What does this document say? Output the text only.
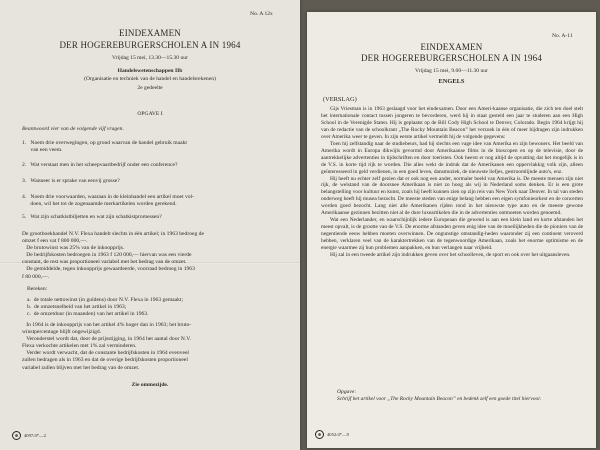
No. A 12x
EINDEXAMEN
DER HOGEREBURGERSCHOLEN A IN 1964
Vrijdag 15 mei, 13.30—15.30 uur
Handelswetenschappen IIb
(Organisatie en techniek van de handel en handelsrekenen)
2e gedeelte
OPGAVE I
Beantwoord vier van de volgende vijf vragen.
1. Noem drie overwegingen, op grond waarvan de handel gebruik maakt
van een veem.
2. Wat verstaat men in het scheepvaartbedrijf onder een conference?
3. Wanneer is er sprake van eenvij grosse?
4. Noem drie voorwaarden, waaraan in de kleinhandel een artikel moet vol-
doen, wil het tot de zogenaamde merkartikelen worden gerekend.
5. Wat zijn schatkistbiljetten en wat zijn schatkistpromessen?
De grootboekhandel N.V. Flexa handelt slechts in één artikel; in 1963 bedroeg de
omzet f een vat f 800 000,—.
De brutowinst was 25% van de inkoopprijs.
De bedrijfskosten bedroegen in 1963 f 120 000,— hiervan was een vierde
constant, de rest was proportioneel variabel met het bedrag van de omzet.
De gemiddelde, tegen inkoopprijs gewaardeerde, voorraad bedroeg in 1963
f 80 000,—.
Bereken:
a. de totale nettowinst (in guldens) door N.V. Flexa in 1963 gemaakt;
b. de omzetsnelheid van het artikel in 1963;
c. de omzetduur (in maanden) van het artikel in 1963.
In 1964 is de inkoopprijs van het artikel 4% hoger dan in 1963; het bruto-
winstpercentage blijft ongewijzigd.
Veronderstel wordt dat, door de prijsstijging, in 1964 het aantal door N.V.
Flexa verkochte artikelen met 1% zal verminderen.
Verder wordt verwacht, dat de constante bedrijfskosten in 1964 evenveel
zullen bedragen als in 1963 en dat de overige bedrijfskosten proportioneel
variabel zullen blijven met het bedrag van de omzet.
Zie ommezijde.
✽	4097/4*—2
No. A-11
EINDEXAMEN
DER HOGEREBURGERSCHOLEN A IN 1964
Vrijdag 15 mei, 9.00—11.30 uur
ENGELS
(VERSLAG)

Gijs Vriesman is in 1963 geslaagd voor het eindexamen. Door een Ameri-kaanse organisatie, die zich ten doel stelt het internationale contact tussen jongeren te bevorderen, werd hij in staat gesteld een jaar te studeren aan een High School in de Verenigde Staten. Hij is geplaatst op de Bill Cody High School te Denver, Colorado. Begin 1964 krijgt hij van de redactie van de schoolkrant „The Rocky Mountain Beacon” het verzoek in één of meer bijdragen zijn indrukken over Amerika weer te geven. In zijn eerste artikel vermeldt hij de volgende gegevens:

Toen hij zelfstandig naar de studiebeurs, had hij slechts een vage idee van Amerika en zijn bewoners. Het beeld van Amerika wordt in Europa dikwijls gevormd door Amerikaanse films in de bioscopen en op de televisie, door de aantrekkelijke advertenties in tijdschriften en door toeristen. Ook heerst er nog altijd de opvatting dat het mogelijk is in de V.S. in korte tijd rijk te worden. Die alles wekt de indruk dat de Amerikanen een oppervlakkig volk zijn, alleen geïnteresseerd in geld verdienen, in een goed leven, dansmuziek, de nieuwste liefjes, gestroomlijnde auto's, enz.

Hij heeft nu echter zelf gezien dat er ook nog een ander, normaler beeld van Amerika is. De meeste mensen zijn niet rijk, de welstand van de doorsnee Amerikaan is niet zo hoog als wij in Nederland soms denken. Er is een grote belangstelling voor kultuur en kunst, zoals hij heeft kunnen zien op zijn reis van New York naar Denver. In tal van steden onderweg heeft hij musea bezocht. De meeste steden van enige belang hebben een eigen symfonieorkest en de concerten worden goed bezocht. Lang niet alle Amerikanen rijden rond in het nieuwste type auto en de meeste gewone Amerikaanse gezinnen bezitten niet al de dure luxeartikelen die in de advertenties ontmoeten worden genoemd.

Wat een Nederlander, en waarschijnlijk iedere Europeaan die gewend is aan een klein land en korte afstanden het meest opvalt, is de grootte van de V.S. De enorme afstanden geven enig idee van de moeilijkheden die de pioniers van de negentiende eeuw hebben moeten overwinnen. De ongunstige omstandig-heden waaronder zij een continent veroverd hebben, verklaren veel van de karaktertrekken van de tegenwoordige Amerikaan, zoals het enorme optimisme en de energie waarmee zij hun problemen aanpakken, en hun verlangen naar vrijheid.

Hij zal in een tweede artikel zijn indrukken geven over het schoolleven, de sport en ook over het uitgaansleven.

Opgave:
Schrijf het artikel voor „The Rocky Mountain Beacon” en bedenk zelf een goede titel hiervoor.
✽	4052/4*—9
